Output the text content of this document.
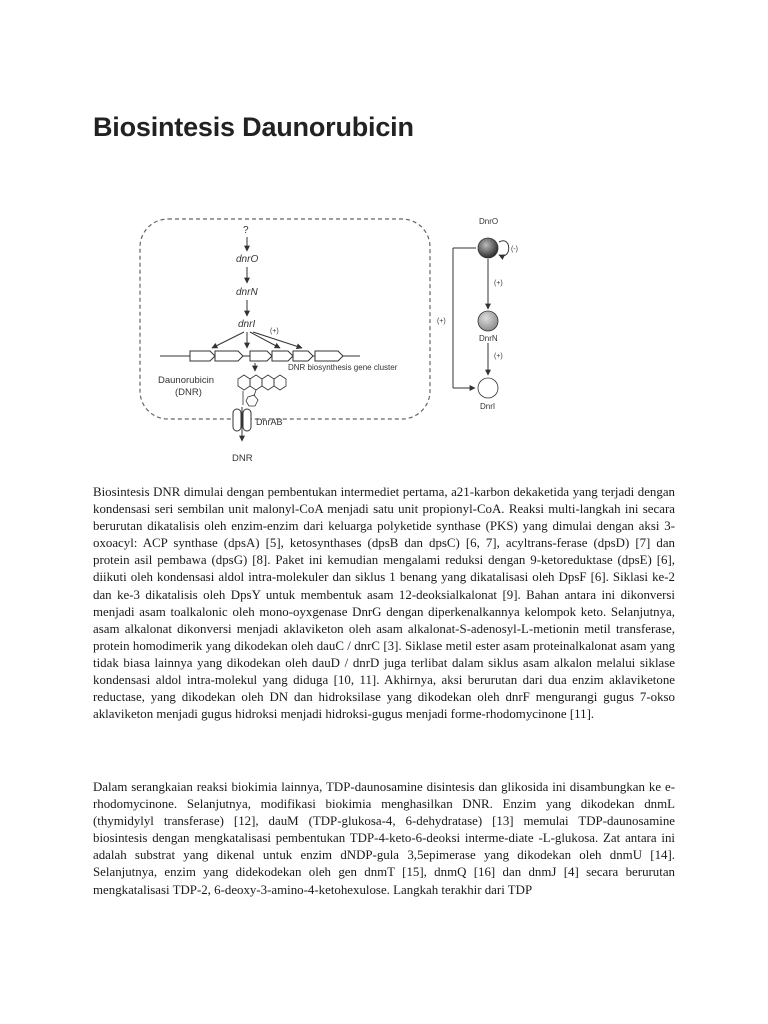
Biosintesis Daunorubicin
?
dnrO
dnrN
dnrI
(+)
DNR biosynthesis gene cluster
Daunorubicin
(DNR)
DnrAB
DNR
DnrO
(-)
(+)
DnrN
(+)
DnrI
(+)

Biosintesis DNR dimulai dengan pembentukan intermediet pertama, a21-karbon dekaketida yang terjadi dengan kondensasi seri sembilan unit malonyl-CoA menjadi satu unit propionyl-CoA. Reaksi multi-langkah ini secara berurutan dikatalisis oleh enzim-enzim dari keluarga polyketide synthase (PKS) yang dimulai dengan aksi 3-oxoacyl: ACP synthase (dpsA) [5], ketosynthases (dpsB dan dpsC) [6, 7], acyltrans-ferase (dpsD) [7] dan protein asil pembawa (dpsG) [8]. Paket ini kemudian mengalami reduksi dengan 9-ketoreduktase (dpsE) [6], diikuti oleh kondensasi aldol intra-molekuler dan siklus 1 benang yang dikatalisasi oleh DpsF [6]. Siklasi ke-2 dan ke-3 dikatalisis oleh DpsY untuk membentuk asam 12-deoksialkalonat [9]. Bahan antara ini dikonversi menjadi asam toalkalonic oleh mono-oyxgenase DnrG dengan diperkenalkannya kelompok keto. Selanjutnya, asam alkalonat dikonversi menjadi aklaviketon oleh asam alkalonat-S-adenosyl-L-metionin metil transferase, protein homodimerik yang dikodekan oleh dauC / dnrC [3]. Siklase metil ester asam proteinalkalonat asam yang tidak biasa lainnya yang dikodekan oleh dauD / dnrD juga terlibat dalam siklus asam alkalon melalui siklase kondensasi aldol intra-molekul yang diduga [10, 11]. Akhirnya, aksi berurutan dari dua enzim aklaviketone reductase, yang dikodekan oleh DN dan hidroksilase yang dikodekan oleh dnrF mengurangi gugus 7-okso aklaviketon menjadi gugus hidroksi menjadi hidroksi-gugus menjadi forme-rhodomycinone [11].

Dalam serangkaian reaksi biokimia lainnya, TDP-daunosamine disintesis dan glikosida ini disambungkan ke e-rhodomycinone. Selanjutnya, modifikasi biokimia menghasilkan DNR. Enzim yang dikodekan dnmL (thymidylyl transferase) [12], dauM (TDP-glukosa-4, 6-dehydratase) [13] memulai TDP-daunosamine biosintesis dengan mengkatalisasi pembentukan TDP-4-keto-6-deoksi interme-diate -L-glukosa. Zat antara ini adalah substrat yang dikenal untuk enzim dNDP-gula 3,5epimerase yang dikodekan oleh dnmU [14]. Selanjutnya, enzim yang didekodekan oleh gen dnmT [15], dnmQ [16] dan dnmJ [4] secara berurutan mengkatalisasi TDP-2, 6-deoxy-3-amino-4-ketohexulose. Langkah terakhir dari TDP
